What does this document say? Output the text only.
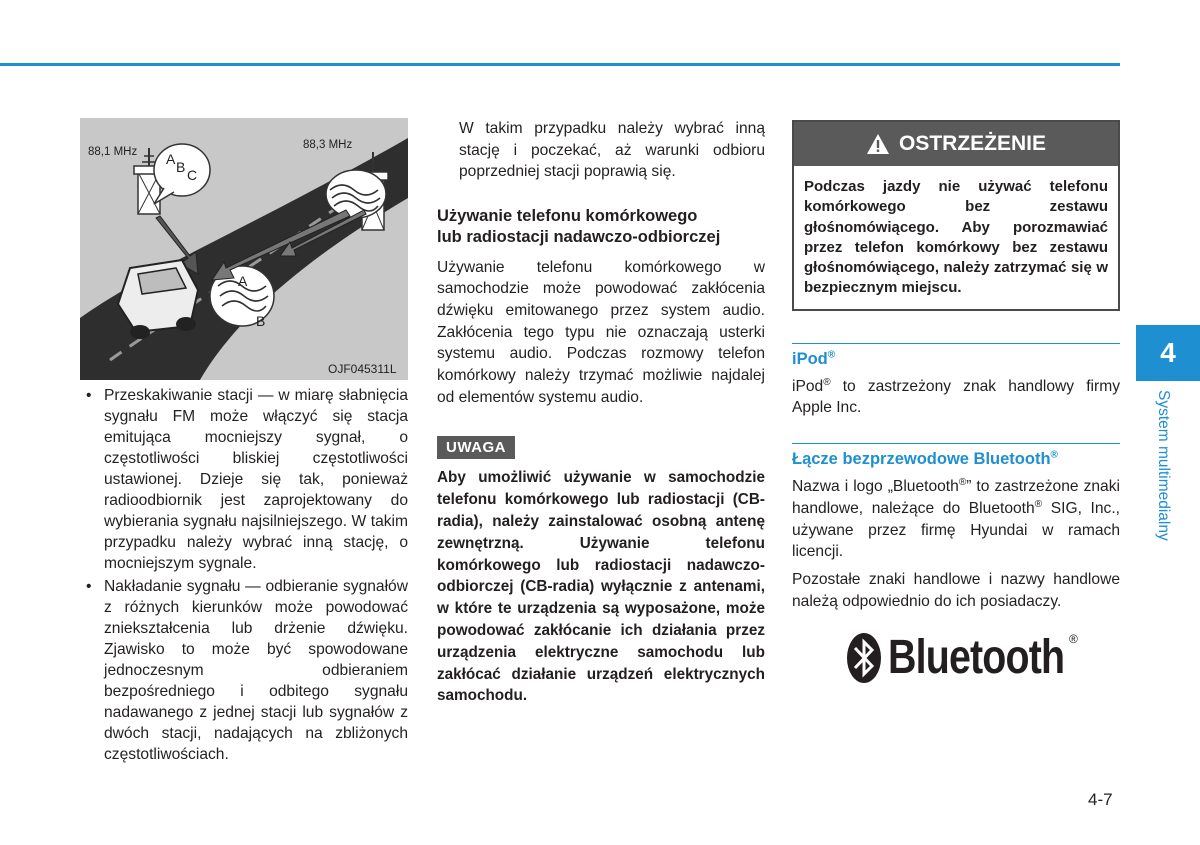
88,1 MHz
88,3 MHz
A B C
A
B
OJF045311L
• Przeskakiwanie stacji — w miarę słabnięcia sygnału FM może włączyć się stacja emitująca mocniejszy sygnał, o częstotliwości bliskiej częstotliwości ustawionej. Dzieje się tak, ponieważ radioodbiornik jest zaprojektowany do wybierania sygnału najsilniejszego. W takim przypadku należy wybrać inną stację, o mocniejszym sygnale.
• Nakładanie sygnału — odbieranie sygnałów z różnych kierunków może powodować zniekształcenia lub drżenie dźwięku. Zjawisko to może być spowodowane jednoczesnym odbieraniem bezpośredniego i odbitego sygnału nadawanego z jednej stacji lub sygnałów z dwóch stacji, nadających na zbliżonych częstotliwościach.

W takim przypadku należy wybrać inną stację i poczekać, aż warunki odbioru poprzedniej stacji poprawią się.

Używanie telefonu komórkowego
lub radiostacji nadawczo-odbiorczej

Używanie telefonu komórkowego w samochodzie może powodować zakłócenia dźwięku emitowanego przez system audio. Zakłócenia tego typu nie oznaczają usterki systemu audio. Podczas rozmowy telefon komórkowy należy trzymać możliwie najdalej od elementów systemu audio.

UWAGA

Aby umożliwić używanie w samochodzie telefonu komórkowego lub radiostacji (CB-radia), należy zainstalować osobną antenę zewnętrzną. Używanie telefonu komórkowego lub radiostacji nadawczo-odbiorczej (CB-radia) wyłącznie z antenami, w które te urządzenia są wyposażone, może powodować zakłócanie ich działania przez urządzenia elektryczne samochodu lub zakłócać działanie urządzeń elektrycznych samochodu.

OSTRZEŻENIE

Podczas jazdy nie używać telefonu komórkowego bez zestawu głośnomówiącego. Aby porozmawiać przez telefon komórkowy bez zestawu głośnomówiącego, należy zatrzymać się w bezpiecznym miejscu.

iPod®

iPod® to zastrzeżony znak handlowy firmy Apple Inc.

Łącze bezprzewodowe Bluetooth®

Nazwa i logo „Bluetooth®” to zastrzeżone znaki handlowe, należące do Bluetooth® SIG, Inc., używane przez firmę Hyundai w ramach licencji.

Pozostałe znaki handlowe i nazwy handlowe należą odpowiednio do ich posiadaczy.

Bluetooth ®
4
System multimedialny
4-7
